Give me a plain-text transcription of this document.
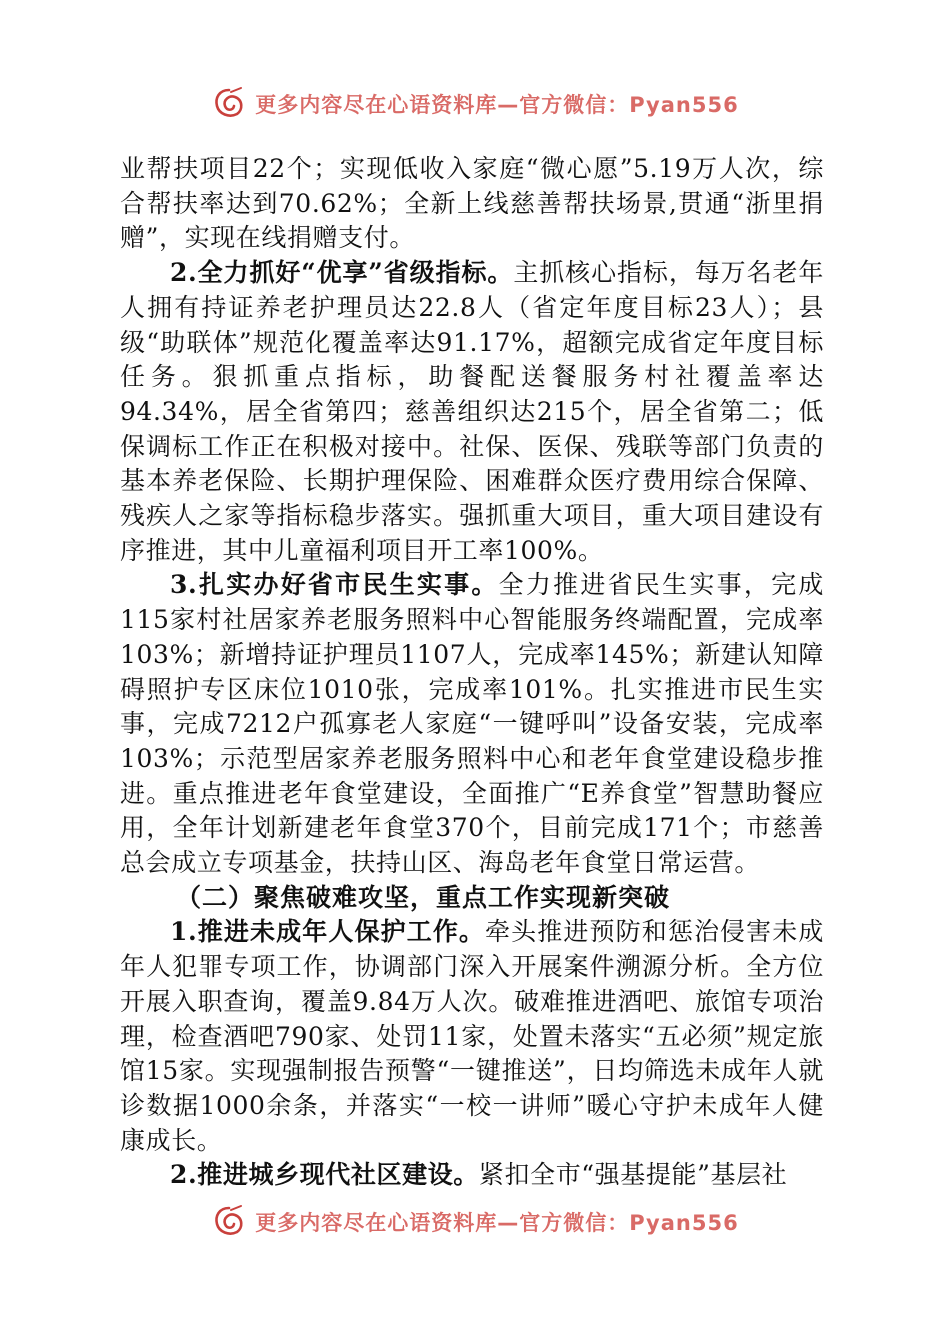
更多内容尽在心语资料库—官方微信：Pyan556

业帮扶项目22个；实现低收入家庭“微心愿”5.19万人次，综合帮扶率达到70.62%；全新上线慈善帮扶场景,贯通“浙里捐赠”，实现在线捐赠支付。

2.全力抓好“优享”省级指标。主抓核心指标，每万名老年人拥有持证养老护理员达22.8人（省定年度目标23人）；县级“助联体”规范化覆盖率达91.17%，超额完成省定年度目标任务。狠抓重点指标，助餐配送餐服务村社覆盖率达94.34%，居全省第四；慈善组织达215个，居全省第二；低保调标工作正在积极对接中。社保、医保、残联等部门负责的基本养老保险、长期护理保险、困难群众医疗费用综合保障、残疾人之家等指标稳步落实。强抓重大项目，重大项目建设有序推进，其中儿童福利项目开工率100%。

3.扎实办好省市民生实事。全力推进省民生实事，完成115家村社居家养老服务照料中心智能服务终端配置，完成率103%；新增持证护理员1107人，完成率145%；新建认知障碍照护专区床位1010张，完成率101%。扎实推进市民生实事，完成7212户孤寡老人家庭“一键呼叫”设备安装，完成率103%；示范型居家养老服务照料中心和老年食堂建设稳步推进。重点推进老年食堂建设，全面推广“E养食堂”智慧助餐应用，全年计划新建老年食堂370个，目前完成171个；市慈善总会成立专项基金，扶持山区、海岛老年食堂日常运营。

（二）聚焦破难攻坚，重点工作实现新突破

1.推进未成年人保护工作。牵头推进预防和惩治侵害未成年人犯罪专项工作，协调部门深入开展案件溯源分析。全方位开展入职查询，覆盖9.84万人次。破难推进酒吧、旅馆专项治理，检查酒吧790家、处罚11家，处置未落实“五必须”规定旅馆15家。实现强制报告预警“一键推送”，日均筛选未成年人就诊数据1000余条，并落实“一校一讲师”暖心守护未成年人健康成长。

2.推进城乡现代社区建设。紧扣全市“强基提能”基层社

更多内容尽在心语资料库—官方微信：Pyan556
